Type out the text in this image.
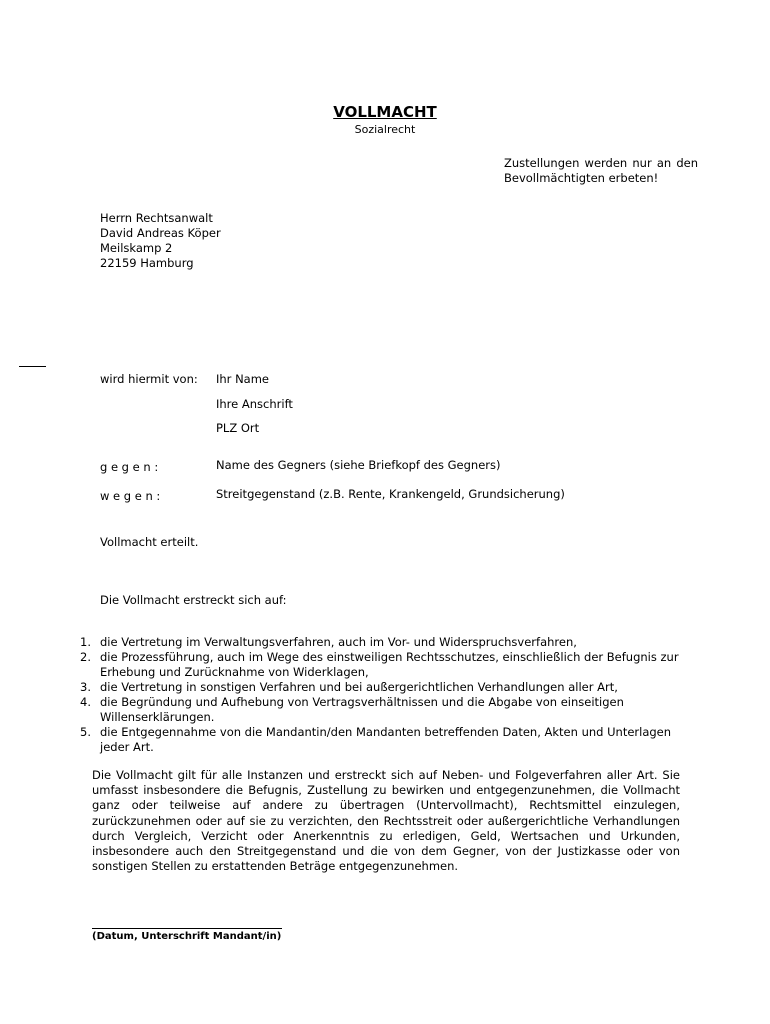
VOLLMACHT
Sozialrecht
Zustellungen werden nur an den
Bevollmächtigten erbeten!
Herrn Rechtsanwalt
David Andreas Köper
Meilskamp 2
22159 Hamburg
wird hiermit von: Ihr Name
Ihre Anschrift
PLZ Ort
g e g e n :	Name des Gegners (siehe Briefkopf des Gegners)
w e g e n :	Streitgegenstand (z.B. Rente, Krankengeld, Grundsicherung)
Vollmacht erteilt.
Die Vollmacht erstreckt sich auf:
1. die Vertretung im Verwaltungsverfahren, auch im Vor- und Widerspruchsverfahren,
2. die Prozessführung, auch im Wege des einstweiligen Rechtsschutzes, einschließlich der Befugnis zur Erhebung und Zurücknahme von Widerklagen,
3. die Vertretung in sonstigen Verfahren und bei außergerichtlichen Verhandlungen aller Art,
4. die Begründung und Aufhebung von Vertragsverhältnissen und die Abgabe von einseitigen Willenserklärungen.
5. die Entgegennahme von die Mandantin/den Mandanten betreffenden Daten, Akten und Unterlagen jeder Art.

Die Vollmacht gilt für alle Instanzen und erstreckt sich auf Neben- und Folgeverfahren aller Art. Sie umfasst insbesondere die Befugnis, Zustellung zu bewirken und entgegenzunehmen, die Vollmacht ganz oder teilweise auf andere zu übertragen (Untervollmacht), Rechtsmittel einzulegen, zurückzunehmen oder auf sie zu verzichten, den Rechtsstreit oder außergerichtliche Verhandlungen durch Vergleich, Verzicht oder Anerkenntnis zu erledigen, Geld, Wertsachen und Urkunden, insbesondere auch den Streitgegenstand und die von dem Gegner, von der Justizkasse oder von sonstigen Stellen zu erstattenden Beträge entgegenzunehmen.

(Datum, Unterschrift Mandant/in)
